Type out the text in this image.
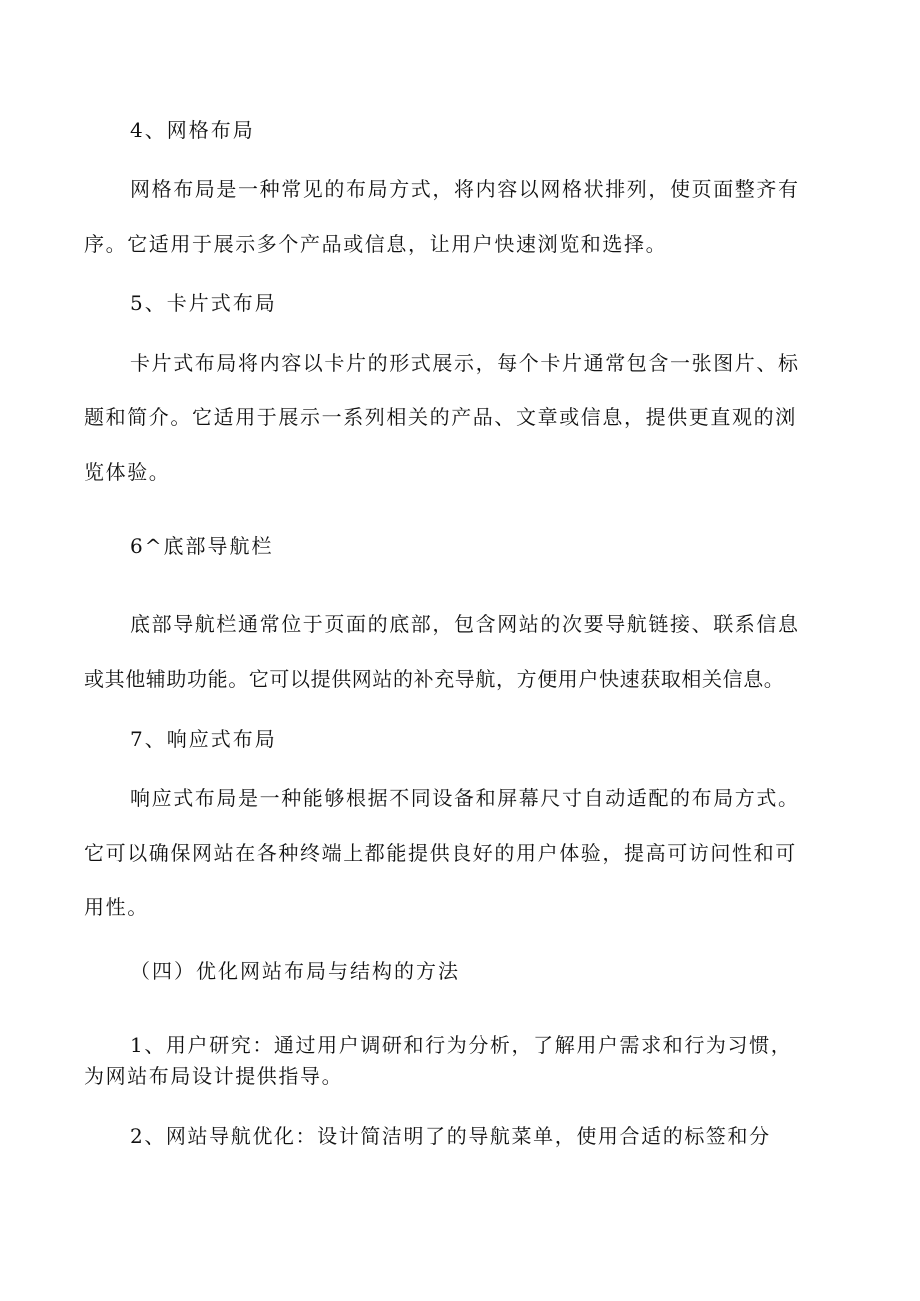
4、网格布局

网格布局是一种常见的布局方式，将内容以网格状排列，使页面整齐有

序。它适用于展示多个产品或信息，让用户快速浏览和选择。

5、卡片式布局

卡片式布局将内容以卡片的形式展示，每个卡片通常包含一张图片、标

题和简介。它适用于展示一系列相关的产品、文章或信息，提供更直观的浏

览体验。

6^底部导航栏

底部导航栏通常位于页面的底部，包含网站的次要导航链接、联系信息

或其他辅助功能。它可以提供网站的补充导航，方便用户快速获取相关信息。

7、响应式布局

响应式布局是一种能够根据不同设备和屏幕尺寸自动适配的布局方式。

它可以确保网站在各种终端上都能提供良好的用户体验，提高可访问性和可

用性。

（四）优化网站布局与结构的方法

1、用户研究：通过用户调研和行为分析，了解用户需求和行为习惯，

为网站布局设计提供指导。

2、网站导航优化：设计简洁明了的导航菜单，使用合适的标签和分
